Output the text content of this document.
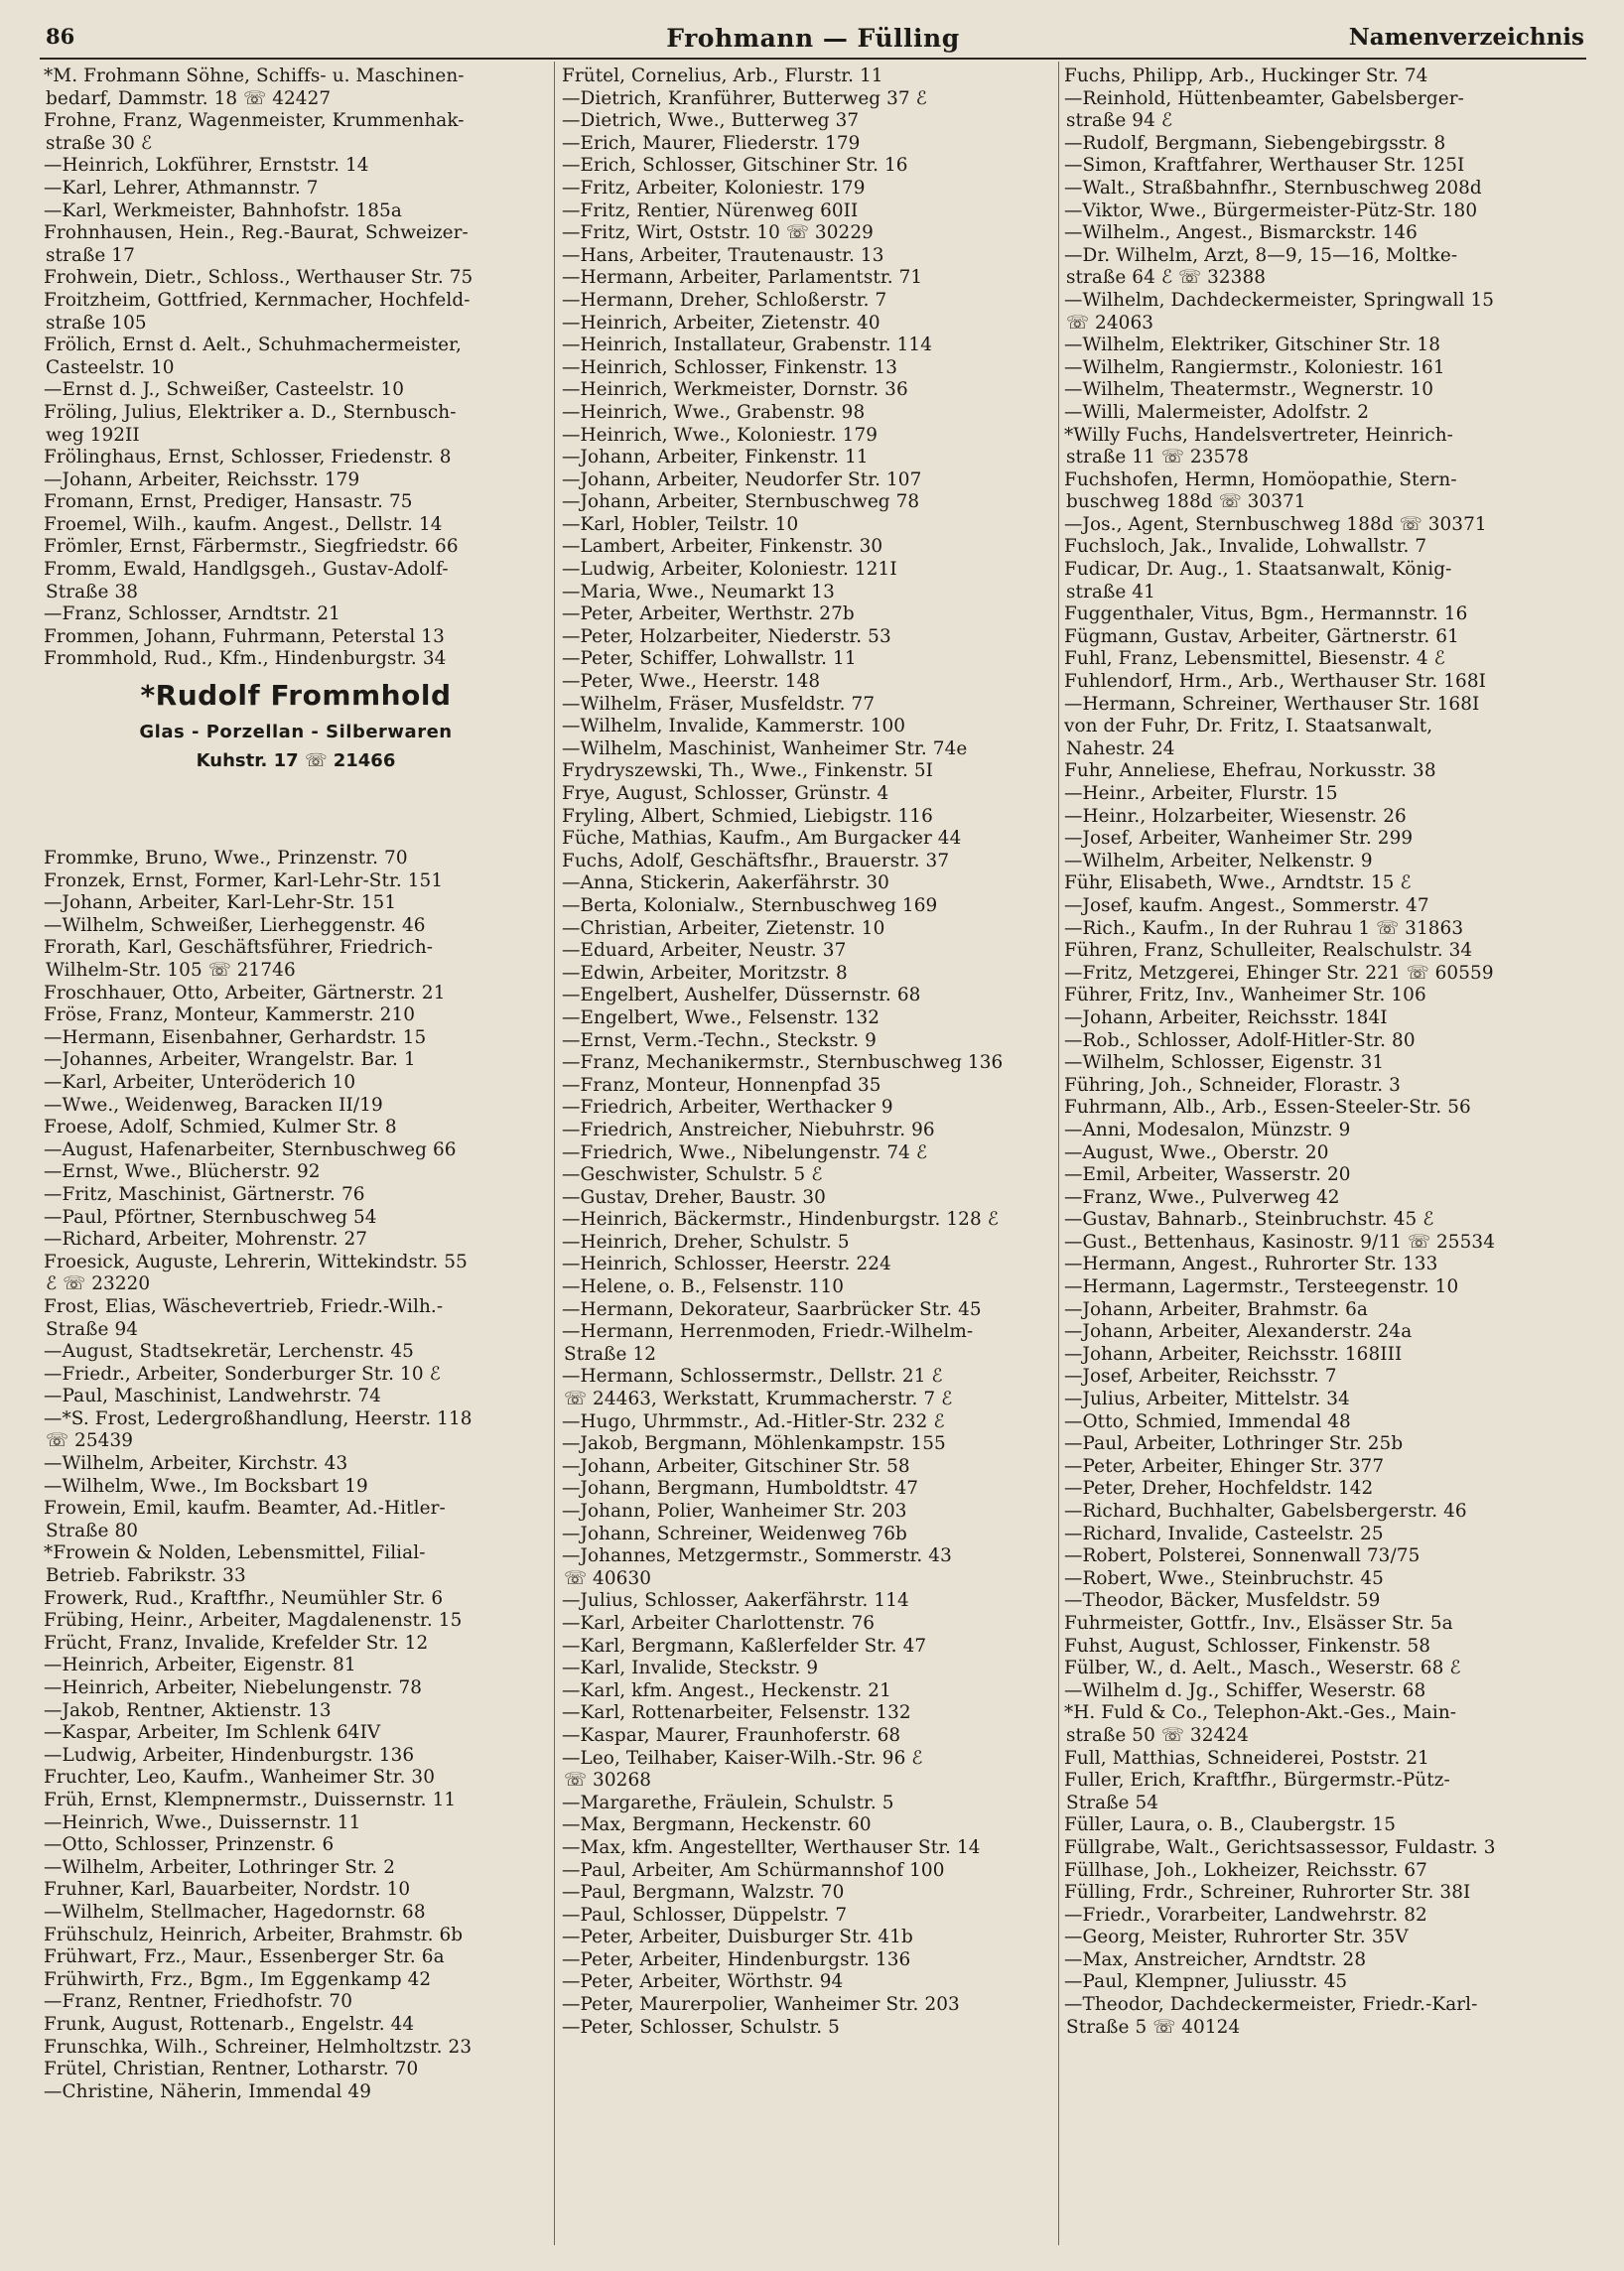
86	Frohmann — Fülling	Namenverzeichnis
*M. Frohmann Söhne, Schiffs- u. Maschinen-
bedarf, Dammstr. 18 ☏ 42427
Frohne, Franz, Wagenmeister, Krummenhak-
straße 30 ℰ
—Heinrich, Lokführer, Ernststr. 14
—Karl, Lehrer, Athmannstr. 7
—Karl, Werkmeister, Bahnhofstr. 185a
Frohnhausen, Hein., Reg.-Baurat, Schweizer-
straße 17
Frohwein, Dietr., Schloss., Werthauser Str. 75
Froitzheim, Gottfried, Kernmacher, Hochfeld-
straße 105
Frölich, Ernst d. Aelt., Schuhmachermeister,
Casteelstr. 10
—Ernst d. J., Schweißer, Casteelstr. 10
Fröling, Julius, Elektriker a. D., Sternbusch-
weg 192II
Frölinghaus, Ernst, Schlosser, Friedenstr. 8
—Johann, Arbeiter, Reichsstr. 179
Fromann, Ernst, Prediger, Hansastr. 75
Froemel, Wilh., kaufm. Angest., Dellstr. 14
Frömler, Ernst, Färbermstr., Siegfriedstr. 66
Fromm, Ewald, Handlgsgeh., Gustav-Adolf-
Straße 38
—Franz, Schlosser, Arndtstr. 21
Frommen, Johann, Fuhrmann, Peterstal 13
Frommhold, Rud., Kfm., Hindenburgstr. 34
*Rudolf Frommhold
Glas - Porzellan - Silberwaren
Kuhstr. 17 ☏ 21466
Frommke, Bruno, Wwe., Prinzenstr. 70
Fronzek, Ernst, Former, Karl-Lehr-Str. 151
—Johann, Arbeiter, Karl-Lehr-Str. 151
—Wilhelm, Schweißer, Lierheggenstr. 46
Frorath, Karl, Geschäftsführer, Friedrich-
Wilhelm-Str. 105 ☏ 21746
Froschhauer, Otto, Arbeiter, Gärtnerstr. 21
Fröse, Franz, Monteur, Kammerstr. 210
—Hermann, Eisenbahner, Gerhardstr. 15
—Johannes, Arbeiter, Wrangelstr. Bar. 1
—Karl, Arbeiter, Unteröderich 10
—Wwe., Weidenweg, Baracken II/19
Froese, Adolf, Schmied, Kulmer Str. 8
—August, Hafenarbeiter, Sternbuschweg 66
—Ernst, Wwe., Blücherstr. 92
—Fritz, Maschinist, Gärtnerstr. 76
—Paul, Pförtner, Sternbuschweg 54
—Richard, Arbeiter, Mohrenstr. 27
Froesick, Auguste, Lehrerin, Wittekindstr. 55
ℰ ☏ 23220
Frost, Elias, Wäschevertrieb, Friedr.-Wilh.-
Straße 94
—August, Stadtsekretär, Lerchenstr. 45
—Friedr., Arbeiter, Sonderburger Str. 10 ℰ
—Paul, Maschinist, Landwehrstr. 74
—*S. Frost, Ledergroßhandlung, Heerstr. 118
☏ 25439
—Wilhelm, Arbeiter, Kirchstr. 43
—Wilhelm, Wwe., Im Bocksbart 19
Frowein, Emil, kaufm. Beamter, Ad.-Hitler-
Straße 80
*Frowein & Nolden, Lebensmittel, Filial-
Betrieb. Fabrikstr. 33
Frowerk, Rud., Kraftfhr., Neumühler Str. 6
Frübing, Heinr., Arbeiter, Magdalenenstr. 15
Frücht, Franz, Invalide, Krefelder Str. 12
—Heinrich, Arbeiter, Eigenstr. 81
—Heinrich, Arbeiter, Niebelungenstr. 78
—Jakob, Rentner, Aktienstr. 13
—Kaspar, Arbeiter, Im Schlenk 64IV
—Ludwig, Arbeiter, Hindenburgstr. 136
Fruchter, Leo, Kaufm., Wanheimer Str. 30
Früh, Ernst, Klempnermstr., Duissernstr. 11
—Heinrich, Wwe., Duissernstr. 11
—Otto, Schlosser, Prinzenstr. 6
—Wilhelm, Arbeiter, Lothringer Str. 2
Fruhner, Karl, Bauarbeiter, Nordstr. 10
—Wilhelm, Stellmacher, Hagedornstr. 68
Frühschulz, Heinrich, Arbeiter, Brahmstr. 6b
Frühwart, Frz., Maur., Essenberger Str. 6a
Frühwirth, Frz., Bgm., Im Eggenkamp 42
—Franz, Rentner, Friedhofstr. 70
Frunk, August, Rottenarb., Engelstr. 44
Frunschka, Wilh., Schreiner, Helmholtzstr. 23
Frütel, Christian, Rentner, Lotharstr. 70
—Christine, Näherin, Immendal 49
Frütel, Cornelius, Arb., Flurstr. 11
—Dietrich, Kranführer, Butterweg 37 ℰ
—Dietrich, Wwe., Butterweg 37
—Erich, Maurer, Fliederstr. 179
—Erich, Schlosser, Gitschiner Str. 16
—Fritz, Arbeiter, Koloniestr. 179
—Fritz, Rentier, Nürenweg 60II
—Fritz, Wirt, Oststr. 10 ☏ 30229
—Hans, Arbeiter, Trautenaustr. 13
—Hermann, Arbeiter, Parlamentstr. 71
—Hermann, Dreher, Schloßerstr. 7
—Heinrich, Arbeiter, Zietenstr. 40
—Heinrich, Installateur, Grabenstr. 114
—Heinrich, Schlosser, Finkenstr. 13
—Heinrich, Werkmeister, Dornstr. 36
—Heinrich, Wwe., Grabenstr. 98
—Heinrich, Wwe., Koloniestr. 179
—Johann, Arbeiter, Finkenstr. 11
—Johann, Arbeiter, Neudorfer Str. 107
—Johann, Arbeiter, Sternbuschweg 78
—Karl, Hobler, Teilstr. 10
—Lambert, Arbeiter, Finkenstr. 30
—Ludwig, Arbeiter, Koloniestr. 121I
—Maria, Wwe., Neumarkt 13
—Peter, Arbeiter, Werthstr. 27b
—Peter, Holzarbeiter, Niederstr. 53
—Peter, Schiffer, Lohwallstr. 11
—Peter, Wwe., Heerstr. 148
—Wilhelm, Fräser, Musfeldstr. 77
—Wilhelm, Invalide, Kammerstr. 100
—Wilhelm, Maschinist, Wanheimer Str. 74e
Frydryszewski, Th., Wwe., Finkenstr. 5I
Frye, August, Schlosser, Grünstr. 4
Fryling, Albert, Schmied, Liebigstr. 116
Füche, Mathias, Kaufm., Am Burgacker 44
Fuchs, Adolf, Geschäftsfhr., Brauerstr. 37
—Anna, Stickerin, Aakerfährstr. 30
—Berta, Kolonialw., Sternbuschweg 169
—Christian, Arbeiter, Zietenstr. 10
—Eduard, Arbeiter, Neustr. 37
—Edwin, Arbeiter, Moritzstr. 8
—Engelbert, Aushelfer, Düssernstr. 68
—Engelbert, Wwe., Felsenstr. 132
—Ernst, Verm.-Techn., Steckstr. 9
—Franz, Mechanikermstr., Sternbuschweg 136
—Franz, Monteur, Honnenpfad 35
—Friedrich, Arbeiter, Werthacker 9
—Friedrich, Anstreicher, Niebuhrstr. 96
—Friedrich, Wwe., Nibelungenstr. 74 ℰ
—Geschwister, Schulstr. 5 ℰ
—Gustav, Dreher, Baustr. 30
—Heinrich, Bäckermstr., Hindenburgstr. 128 ℰ
—Heinrich, Dreher, Schulstr. 5
—Heinrich, Schlosser, Heerstr. 224
—Helene, o. B., Felsenstr. 110
—Hermann, Dekorateur, Saarbrücker Str. 45
—Hermann, Herrenmoden, Friedr.-Wilhelm-
Straße 12
—Hermann, Schlossermstr., Dellstr. 21 ℰ
☏ 24463, Werkstatt, Krummacherstr. 7 ℰ
—Hugo, Uhrmmstr., Ad.-Hitler-Str. 232 ℰ
—Jakob, Bergmann, Möhlenkampstr. 155
—Johann, Arbeiter, Gitschiner Str. 58
—Johann, Bergmann, Humboldtstr. 47
—Johann, Polier, Wanheimer Str. 203
—Johann, Schreiner, Weidenweg 76b
—Johannes, Metzgermstr., Sommerstr. 43
☏ 40630
—Julius, Schlosser, Aakerfährstr. 114
—Karl, Arbeiter Charlottenstr. 76
—Karl, Bergmann, Kaßlerfelder Str. 47
—Karl, Invalide, Steckstr. 9
—Karl, kfm. Angest., Heckenstr. 21
—Karl, Rottenarbeiter, Felsenstr. 132
—Kaspar, Maurer, Fraunhoferstr. 68
—Leo, Teilhaber, Kaiser-Wilh.-Str. 96 ℰ
☏ 30268
—Margarethe, Fräulein, Schulstr. 5
—Max, Bergmann, Heckenstr. 60
—Max, kfm. Angestellter, Werthauser Str. 14
—Paul, Arbeiter, Am Schürmannshof 100
—Paul, Bergmann, Walzstr. 70
—Paul, Schlosser, Düppelstr. 7
—Peter, Arbeiter, Duisburger Str. 41b
—Peter, Arbeiter, Hindenburgstr. 136
—Peter, Arbeiter, Wörthstr. 94
—Peter, Maurerpolier, Wanheimer Str. 203
—Peter, Schlosser, Schulstr. 5
Fuchs, Philipp, Arb., Huckinger Str. 74
—Reinhold, Hüttenbeamter, Gabelsberger-
straße 94 ℰ
—Rudolf, Bergmann, Siebengebirgsstr. 8
—Simon, Kraftfahrer, Werthauser Str. 125I
—Walt., Straßbahnfhr., Sternbuschweg 208d
—Viktor, Wwe., Bürgermeister-Pütz-Str. 180
—Wilhelm., Angest., Bismarckstr. 146
—Dr. Wilhelm, Arzt, 8—9, 15—16, Moltke-
straße 64 ℰ ☏ 32388
—Wilhelm, Dachdeckermeister, Springwall 15
☏ 24063
—Wilhelm, Elektriker, Gitschiner Str. 18
—Wilhelm, Rangiermstr., Koloniestr. 161
—Wilhelm, Theatermstr., Wegnerstr. 10
—Willi, Malermeister, Adolfstr. 2
*Willy Fuchs, Handelsvertreter, Heinrich-
straße 11 ☏ 23578
Fuchshofen, Hermn, Homöopathie, Stern-
buschweg 188d ☏ 30371
—Jos., Agent, Sternbuschweg 188d ☏ 30371
Fuchsloch, Jak., Invalide, Lohwallstr. 7
Fudicar, Dr. Aug., 1. Staatsanwalt, König-
straße 41
Fuggenthaler, Vitus, Bgm., Hermannstr. 16
Fügmann, Gustav, Arbeiter, Gärtnerstr. 61
Fuhl, Franz, Lebensmittel, Biesenstr. 4 ℰ
Fuhlendorf, Hrm., Arb., Werthauser Str. 168I
—Hermann, Schreiner, Werthauser Str. 168I
von der Fuhr, Dr. Fritz, I. Staatsanwalt,
Nahestr. 24
Fuhr, Anneliese, Ehefrau, Norkusstr. 38
—Heinr., Arbeiter, Flurstr. 15
—Heinr., Holzarbeiter, Wiesenstr. 26
—Josef, Arbeiter, Wanheimer Str. 299
—Wilhelm, Arbeiter, Nelkenstr. 9
Führ, Elisabeth, Wwe., Arndtstr. 15 ℰ
—Josef, kaufm. Angest., Sommerstr. 47
—Rich., Kaufm., In der Ruhrau 1 ☏ 31863
Führen, Franz, Schulleiter, Realschulstr. 34
—Fritz, Metzgerei, Ehinger Str. 221 ☏ 60559
Führer, Fritz, Inv., Wanheimer Str. 106
—Johann, Arbeiter, Reichsstr. 184I
—Rob., Schlosser, Adolf-Hitler-Str. 80
—Wilhelm, Schlosser, Eigenstr. 31
Führing, Joh., Schneider, Florastr. 3
Fuhrmann, Alb., Arb., Essen-Steeler-Str. 56
—Anni, Modesalon, Münzstr. 9
—August, Wwe., Oberstr. 20
—Emil, Arbeiter, Wasserstr. 20
—Franz, Wwe., Pulverweg 42
—Gustav, Bahnarb., Steinbruchstr. 45 ℰ
—Gust., Bettenhaus, Kasinostr. 9/11 ☏ 25534
—Hermann, Angest., Ruhrorter Str. 133
—Hermann, Lagermstr., Tersteegenstr. 10
—Johann, Arbeiter, Brahmstr. 6a
—Johann, Arbeiter, Alexanderstr. 24a
—Johann, Arbeiter, Reichsstr. 168III
—Josef, Arbeiter, Reichsstr. 7
—Julius, Arbeiter, Mittelstr. 34
—Otto, Schmied, Immendal 48
—Paul, Arbeiter, Lothringer Str. 25b
—Peter, Arbeiter, Ehinger Str. 377
—Peter, Dreher, Hochfeldstr. 142
—Richard, Buchhalter, Gabelsbergerstr. 46
—Richard, Invalide, Casteelstr. 25
—Robert, Polsterei, Sonnenwall 73/75
—Robert, Wwe., Steinbruchstr. 45
—Theodor, Bäcker, Musfeldstr. 59
Fuhrmeister, Gottfr., Inv., Elsässer Str. 5a
Fuhst, August, Schlosser, Finkenstr. 58
Fülber, W., d. Aelt., Masch., Weserstr. 68 ℰ
—Wilhelm d. Jg., Schiffer, Weserstr. 68
*H. Fuld & Co., Telephon-Akt.-Ges., Main-
straße 50 ☏ 32424
Full, Matthias, Schneiderei, Poststr. 21
Fuller, Erich, Kraftfhr., Bürgermstr.-Pütz-
Straße 54
Füller, Laura, o. B., Claubergstr. 15
Füllgrabe, Walt., Gerichtsassessor, Fuldastr. 3
Füllhase, Joh., Lokheizer, Reichsstr. 67
Fülling, Frdr., Schreiner, Ruhrorter Str. 38I
—Friedr., Vorarbeiter, Landwehrstr. 82
—Georg, Meister, Ruhrorter Str. 35V
—Max, Anstreicher, Arndtstr. 28
—Paul, Klempner, Juliusstr. 45
—Theodor, Dachdeckermeister, Friedr.-Karl-
Straße 5 ☏ 40124
